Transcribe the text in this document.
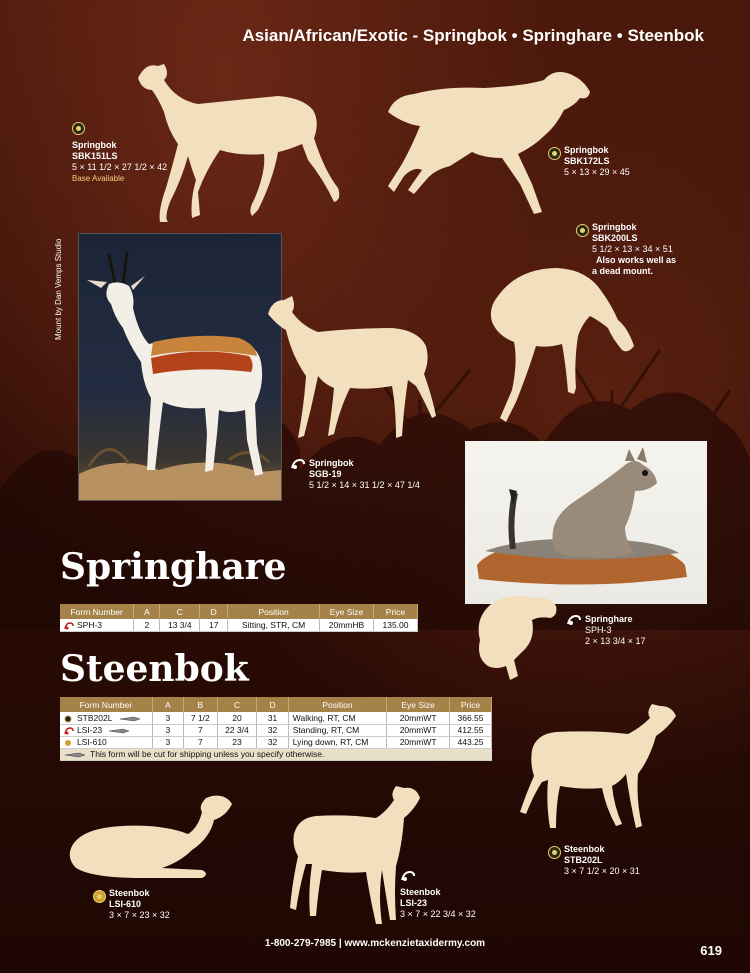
Asian/African/Exotic - Springbok • Springhare • Steenbok
Springbok
SBK151LS
5 × 11 1/2 × 27 1/2 × 42
Base Available
Springbok
SBK172LS
5 × 13 × 29 × 45
Springbok
SBK200LS
5 1/2 × 13 × 34 × 51
Also works well as
a dead mount.
Mount by Dan Vemps Studio
Springbok
SGB-19
5 1/2 × 14 × 31 1/2 × 47 1/4
Springhare
SPH-3
2 × 13 3/4 × 17
Springhare
Form Number	A	C	D	Position	Eye Size	Price
SPH-3	2	13 3/4	17	Sitting, STR, CM	20mmHB	135.00
Steenbok
Form Number	A	B	C	D	Position	Eye Size	Price
STB202L	3	7 1/2	20	31	Walking, RT, CM	20mmWT	366.55
LSI-23	3	7	22 3/4	32	Standing, RT, CM	20mmWT	412.55
LSI-610	3	7	23	32	Lying down, RT, CM	20mmWT	443.25
This form will be cut for shipping unless you specify otherwise.							
Steenbok
STB202L
3 × 7 1/2 × 20 × 31
Steenbok
LSI-610
3 × 7 × 23 × 32
Steenbok
LSI-23
3 × 7 × 22 3/4 × 32
1-800-279-7985 | www.mckenzietaxidermy.com	619
